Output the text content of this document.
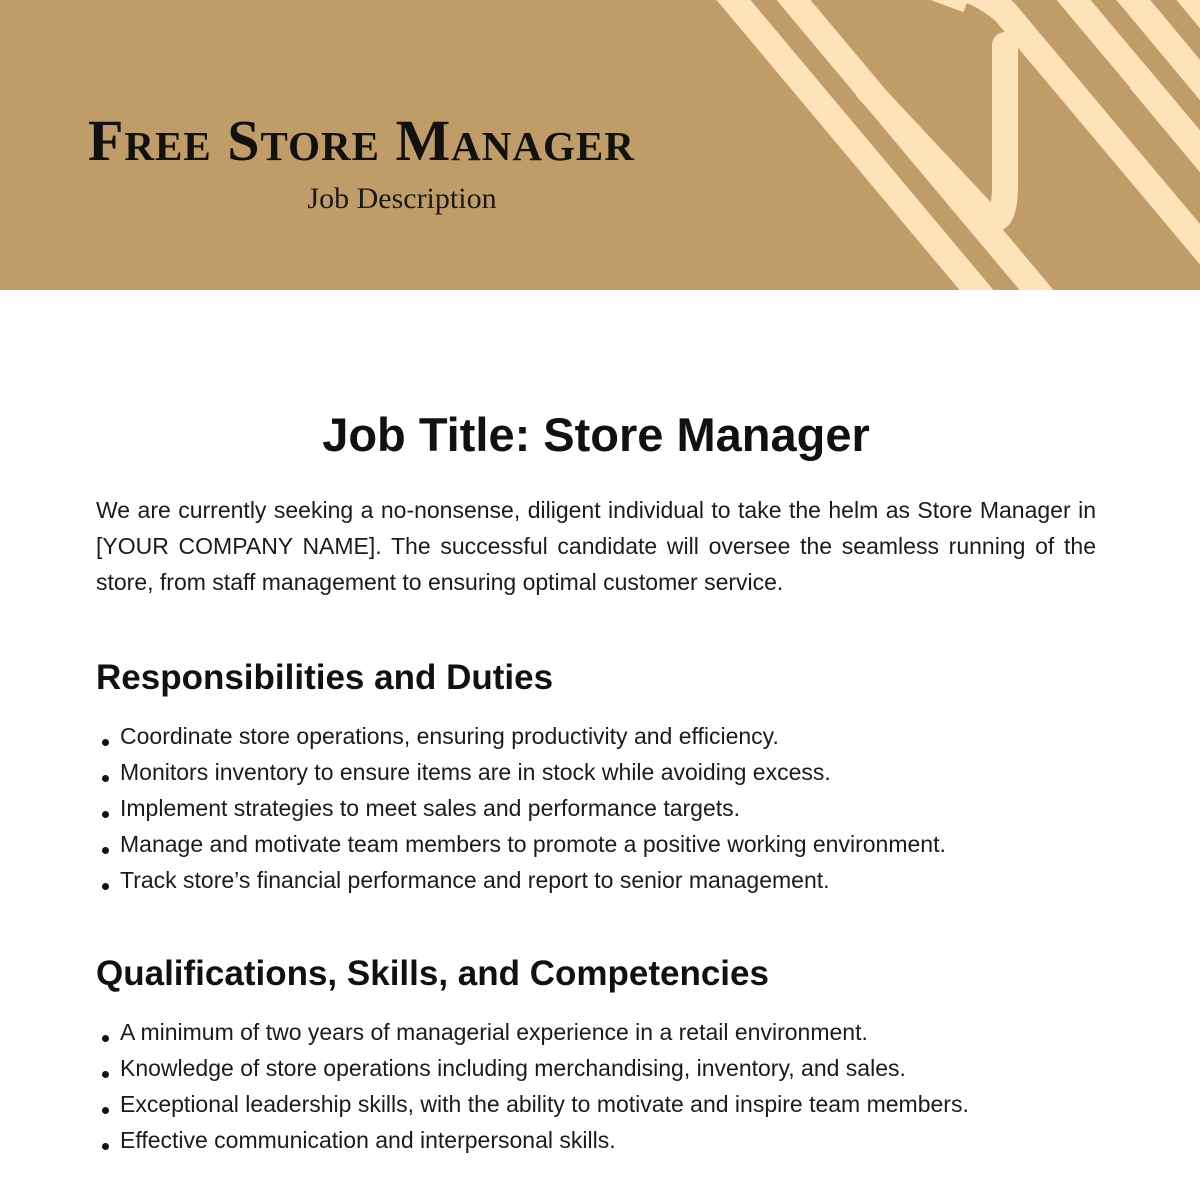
Free Store Manager
Job Description
Job Title: Store Manager

We are currently seeking a no-nonsense, diligent individual to take the helm as Store Manager in [YOUR COMPANY NAME]. The successful candidate will oversee the seamless running of the store, from staff management to ensuring optimal customer service.

Responsibilities and Duties
Coordinate store operations, ensuring productivity and efficiency.
Monitors inventory to ensure items are in stock while avoiding excess.
Implement strategies to meet sales and performance targets.
Manage and motivate team members to promote a positive working environment.
Track store’s financial performance and report to senior management.
Qualifications, Skills, and Competencies
A minimum of two years of managerial experience in a retail environment.
Knowledge of store operations including merchandising, inventory, and sales.
Exceptional leadership skills, with the ability to motivate and inspire team members.
Effective communication and interpersonal skills.
